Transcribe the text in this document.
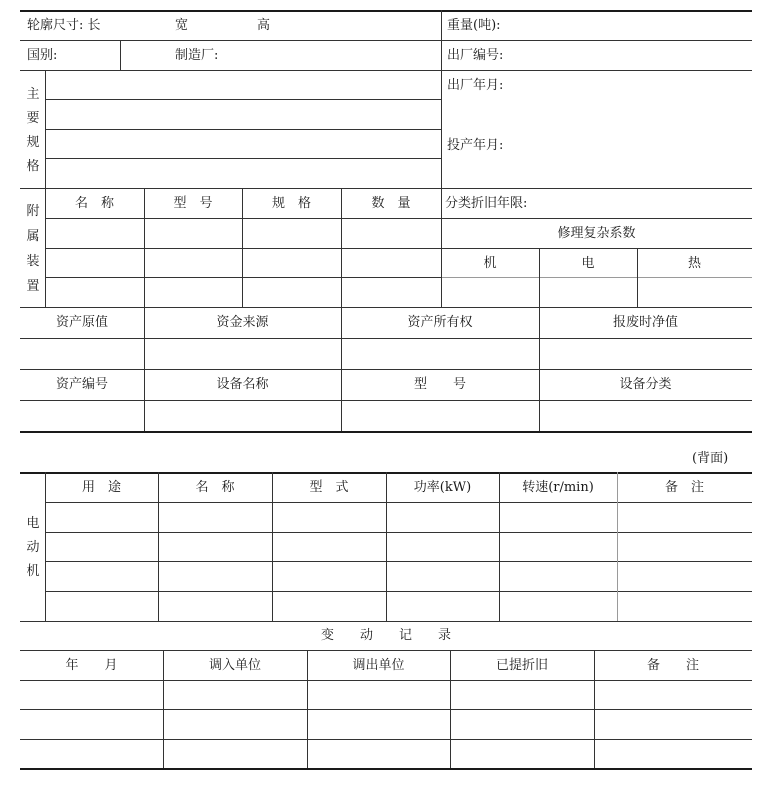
轮廓尺寸: 长	宽	高	重量(吨):
国别:	制造厂:	出厂编号:
主
要
规
格
出厂年月:
投产年月:
附
属
装
置
名　称	型　号	规　格	数　量	分类折旧年限:
修理复杂系数
机	电	热
资产原值	资金来源	资产所有权	报废时净值
资产编号	设备名称	型　　号	设备分类
(背面)
电
动
机
用　途	名　称	型　式	功率(kW)	转速(r/min)	备　注
变　　动　　记　　录
年　　月	调入单位	调出单位	已提折旧	备　　注
